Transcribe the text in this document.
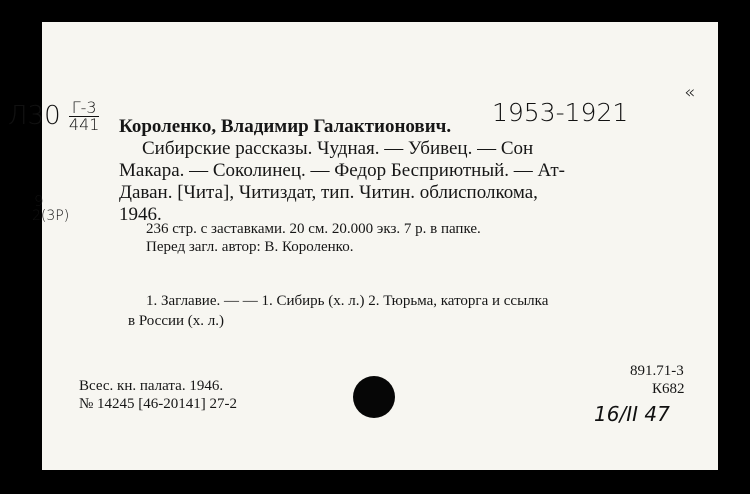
$Л30 \frac{Г-3}{441}$
9
2(3Р)
«
Короленко, Владимир Галактионович. 1953-1921
Сибирские рассказы. Чудная. — Убивец. — Сон
Макара. — Соколинец. — Федор Бесприютный. — Ат-
Даван. [Чита], Читиздат, тип. Читин. облисполкома,
1946.
236 стр. с заставками. 20 см. 20.000 экз. 7 р. в папке.
Перед загл. автор: В. Короленко.
1. Заглавие. — — 1. Сибирь (х. л.) 2. Тюрьма, каторга и ссылка
в России (х. л.)
Всес. кн. палата. 1946.
№ 14245 [46-20141] 27-2
891.71-3
К682
16/II 47
